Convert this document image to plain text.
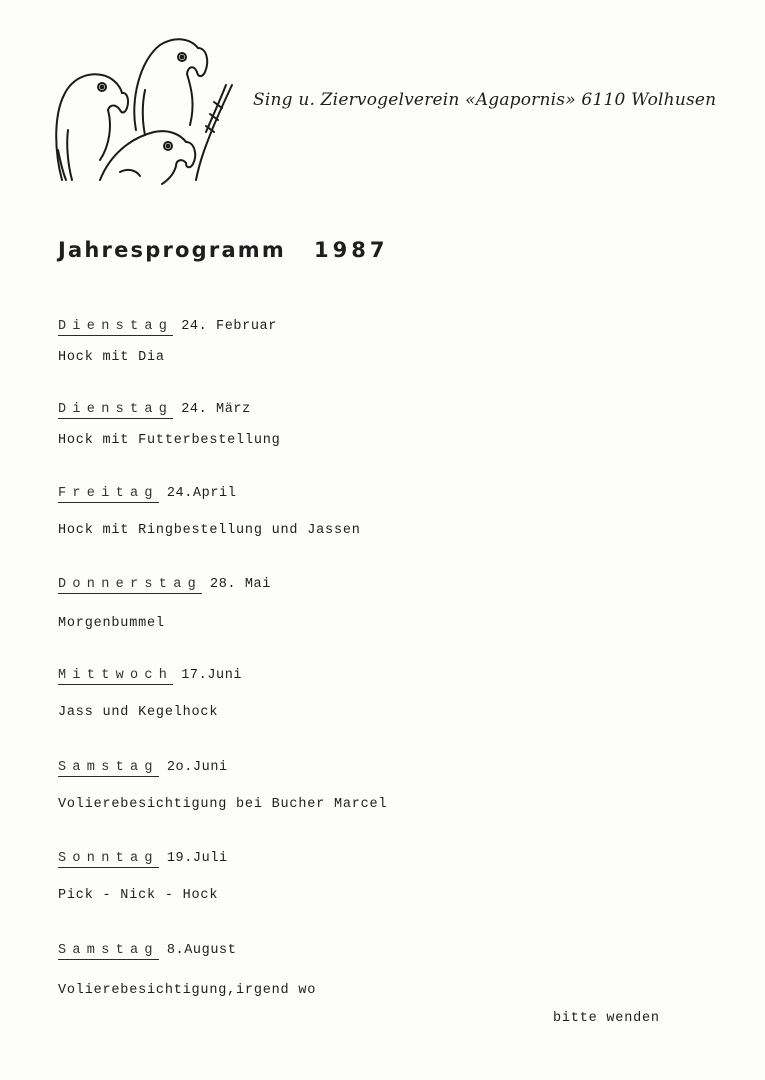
Sing u. Ziervogelverein «Agapornis» 6110 Wolhusen
Jahresprogramm 1987
Dienstag 24. Februar
Hock mit Dia
Dienstag 24. März
Hock mit Futterbestellung
Freitag 24.April
Hock mit Ringbestellung und Jassen
Donnerstag 28. Mai
Morgenbummel
Mittwoch 17.Juni
Jass und Kegelhock
Samstag 2o.Juni
Volierebesichtigung bei Bucher Marcel
Sonntag 19.Juli
Pick - Nick - Hock
Samstag 8.August
Volierebesichtigung,irgend wo
bitte wenden
